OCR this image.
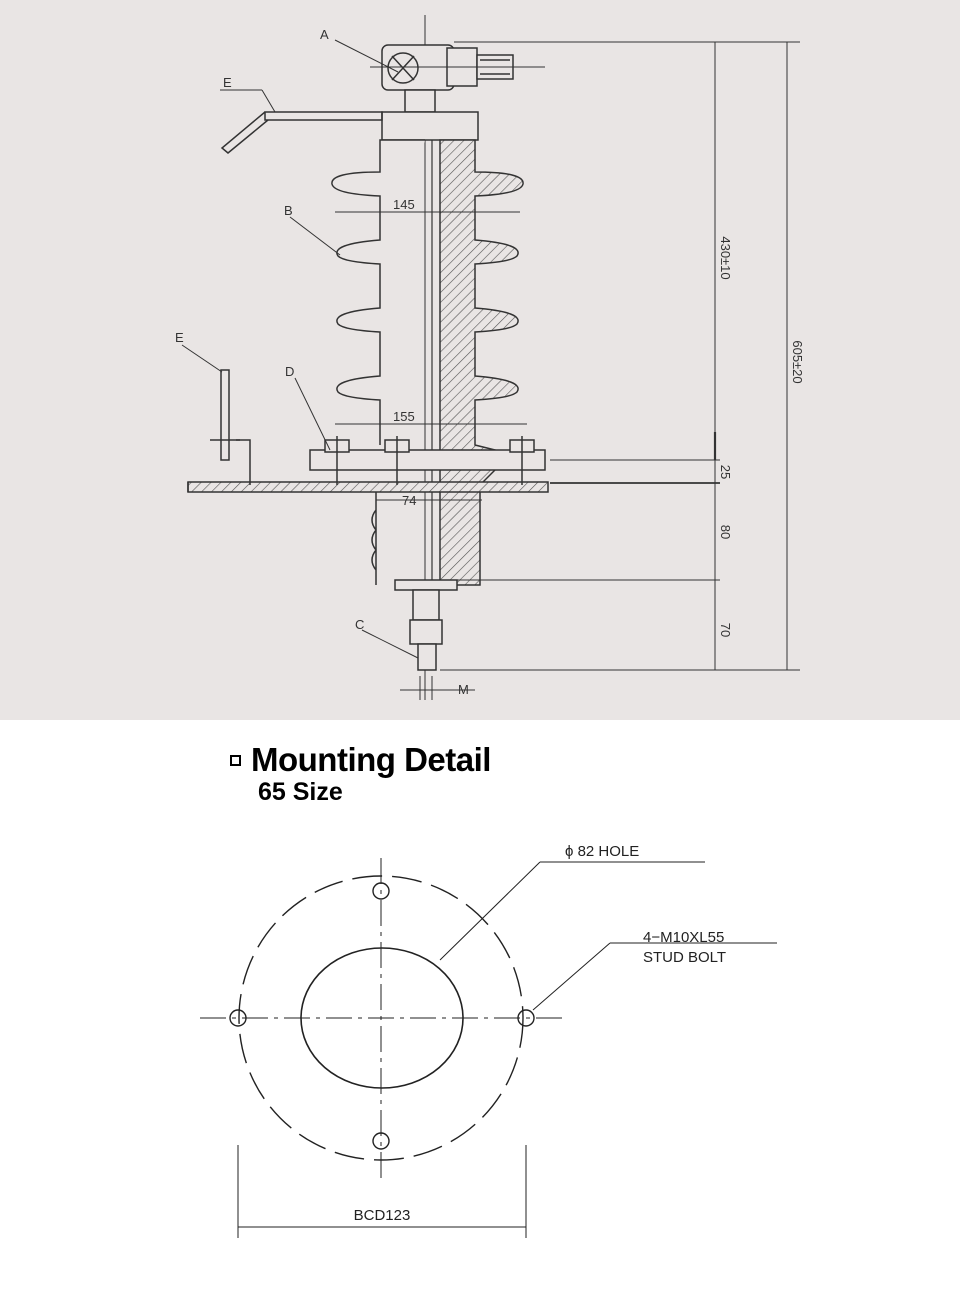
A
E
B
E
D
C
145
155
74
M
430±10
605±20
25
80
70
Mounting Detail
65 Size
ϕ 82 HOLE
4−M10XL55
STUD BOLT
BCD123
